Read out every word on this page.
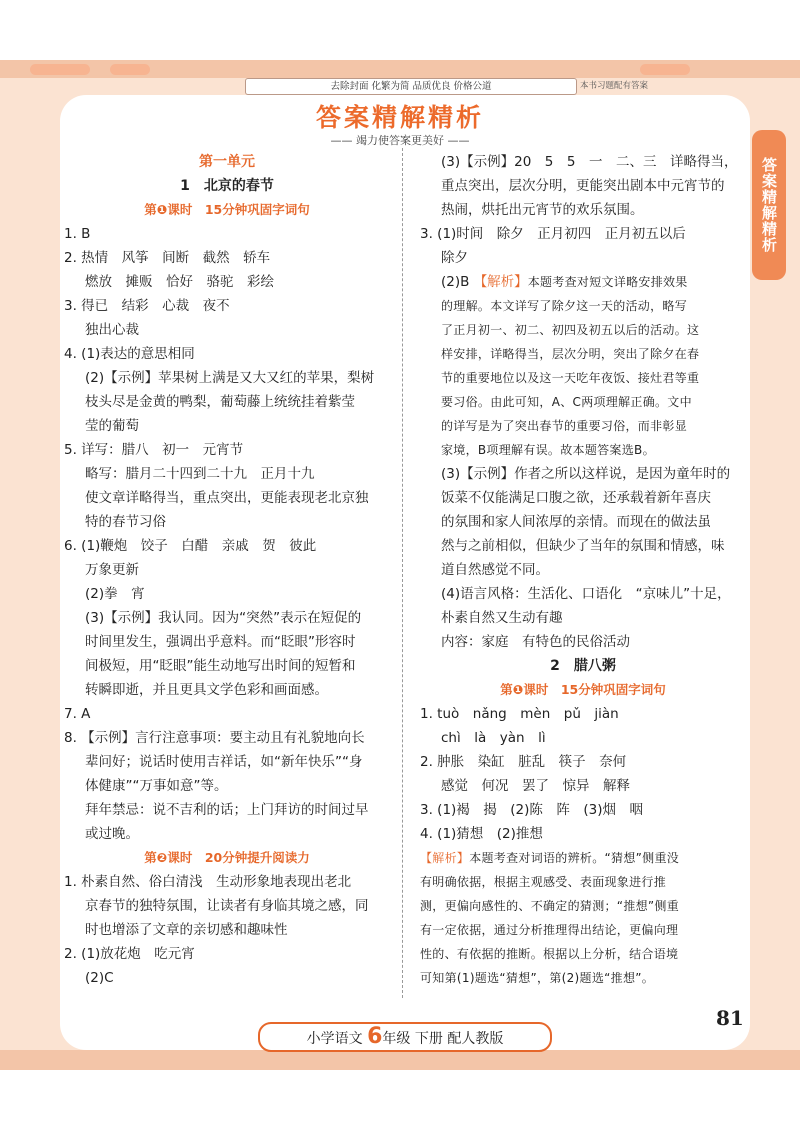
去除封面 化繁为简 品质优良 价格公道	本书习题配有答案
答案精解精析
答案精解精析
—— 竭力使答案更美好 ——
第一单元
1　北京的春节
第❶课时　15分钟巩固字词句
1. B
2. 热情　风筝　间断　截然　轿车
燃放　摊贩　恰好　骆驼　彩绘
3. 得已　结彩　心裁　夜不
独出心裁
4. (1)表达的意思相同
(2)【示例】苹果树上满是又大又红的苹果，梨树
枝头尽是金黄的鸭梨，葡萄藤上统统挂着紫莹
莹的葡萄
5. 详写：腊八　初一　元宵节
略写：腊月二十四到二十九　正月十九
使文章详略得当，重点突出，更能表现老北京独
特的春节习俗
6. (1)鞭炮　饺子　白醋　亲戚　贺　彼此
万象更新
(2)拳　宵
(3)【示例】我认同。因为“突然”表示在短促的
时间里发生，强调出乎意料。而“眨眼”形容时
间极短，用“眨眼”能生动地写出时间的短暂和
转瞬即逝，并且更具文学色彩和画面感。
7. A
8. 【示例】言行注意事项：要主动且有礼貌地向长
辈问好；说话时使用吉祥话，如“新年快乐”“身
体健康”“万事如意”等。
拜年禁忌：说不吉利的话；上门拜访的时间过早
或过晚。
第❷课时　20分钟提升阅读力
1. 朴素自然、俗白清浅　生动形象地表现出老北
京春节的独特氛围，让读者有身临其境之感，同
时也增添了文章的亲切感和趣味性
2. (1)放花炮　吃元宵
(2)C
(3)【示例】20　5　5　一　二、三　详略得当，
重点突出，层次分明，更能突出剧本中元宵节的
热闹，烘托出元宵节的欢乐氛围。
3. (1)时间　除夕　正月初四　正月初五以后
除夕
(2)B 【解析】本题考查对短文详略安排效果
的理解。本文详写了除夕这一天的活动，略写
了正月初一、初二、初四及初五以后的活动。这
样安排，详略得当，层次分明，突出了除夕在春
节的重要地位以及这一天吃年夜饭、接灶君等重
要习俗。由此可知，A、C两项理解正确。文中
的详写是为了突出春节的重要习俗，而非彰显
家境，B项理解有误。故本题答案选B。
(3)【示例】作者之所以这样说，是因为童年时的
饭菜不仅能满足口腹之欲，还承载着新年喜庆
的氛围和家人间浓厚的亲情。而现在的做法虽
然与之前相似，但缺少了当年的氛围和情感，味
道自然感觉不同。
(4)语言风格：生活化、口语化　“京味儿”十足，
朴素自然又生动有趣
内容：家庭　有特色的民俗活动
2　腊八粥
第❶课时　15分钟巩固字词句
1. tuò　nǎng　mèn　pǔ　jiàn
chì　là　yàn　lì
2. 肿胀　染缸　脏乱　筷子　奈何
感觉　何况　罢了　惊异　解释
3. (1)褐　揭　(2)陈　阵　(3)烟　咽
4. (1)猜想　(2)推想
【解析】本题考查对词语的辨析。“猜想”侧重没
有明确依据，根据主观感受、表面现象进行推
测，更偏向感性的、不确定的猜测；“推想”侧重
有一定依据，通过分析推理得出结论，更偏向理
性的、有依据的推断。根据以上分析，结合语境
可知第(1)题选“猜想”，第(2)题选“推想”。
小学语文 6年级 下册 配人教版
81
